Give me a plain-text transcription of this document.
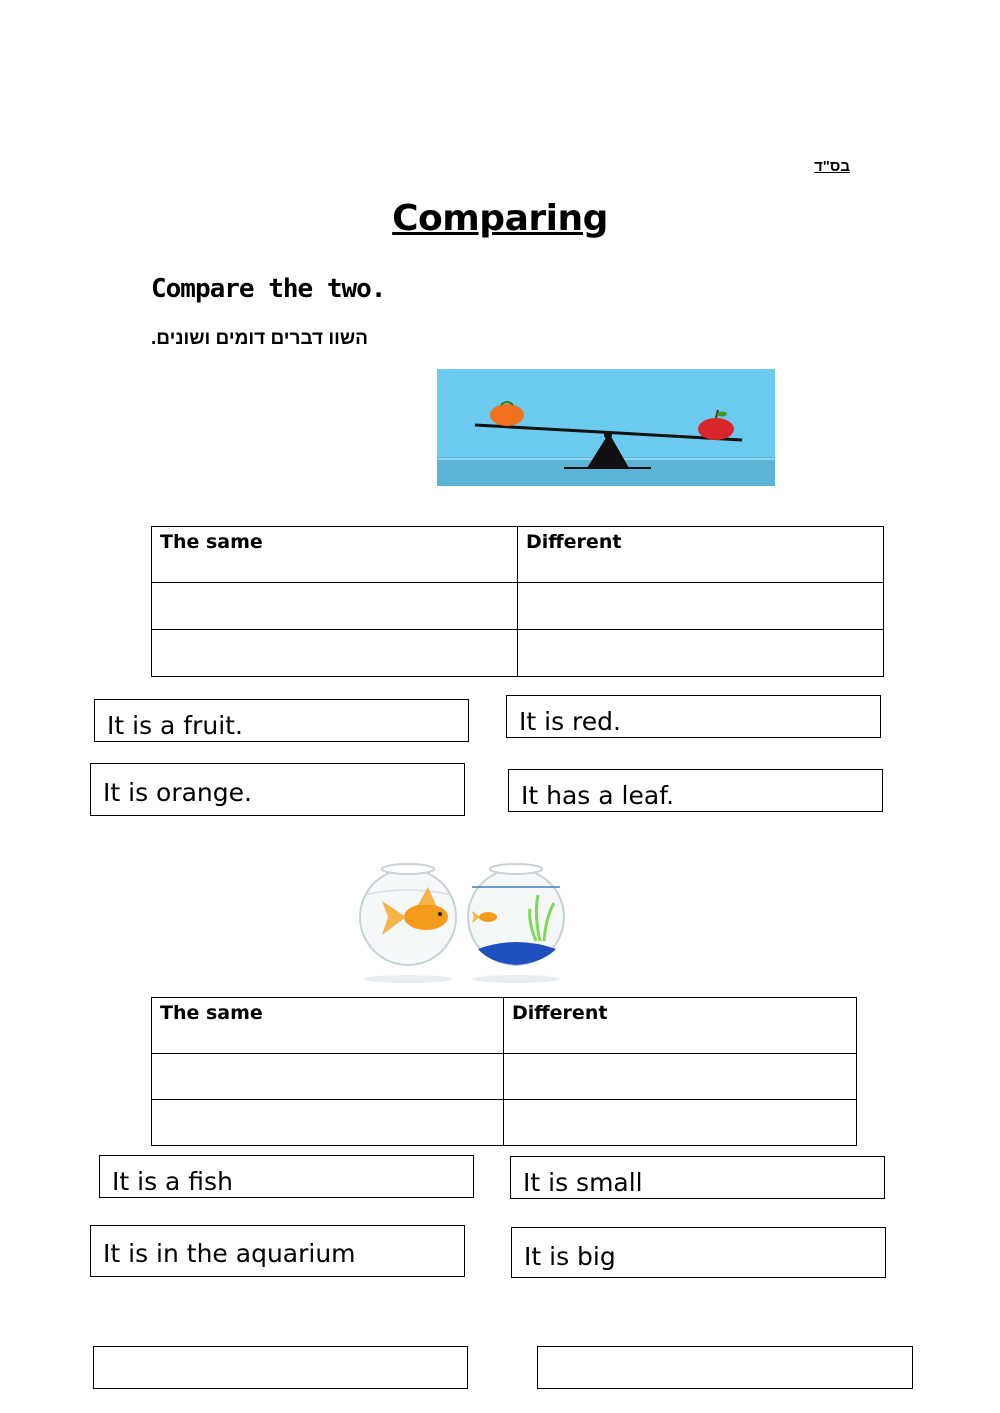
בס"ד
Comparing
Compare the two.
השוו דברים דומים ושונים.
The same	Different

It is a fruit.	It is red.
It is orange.	It has a leaf.
The same	Different

It is a fish	It is small
It is in the aquarium	It is big
